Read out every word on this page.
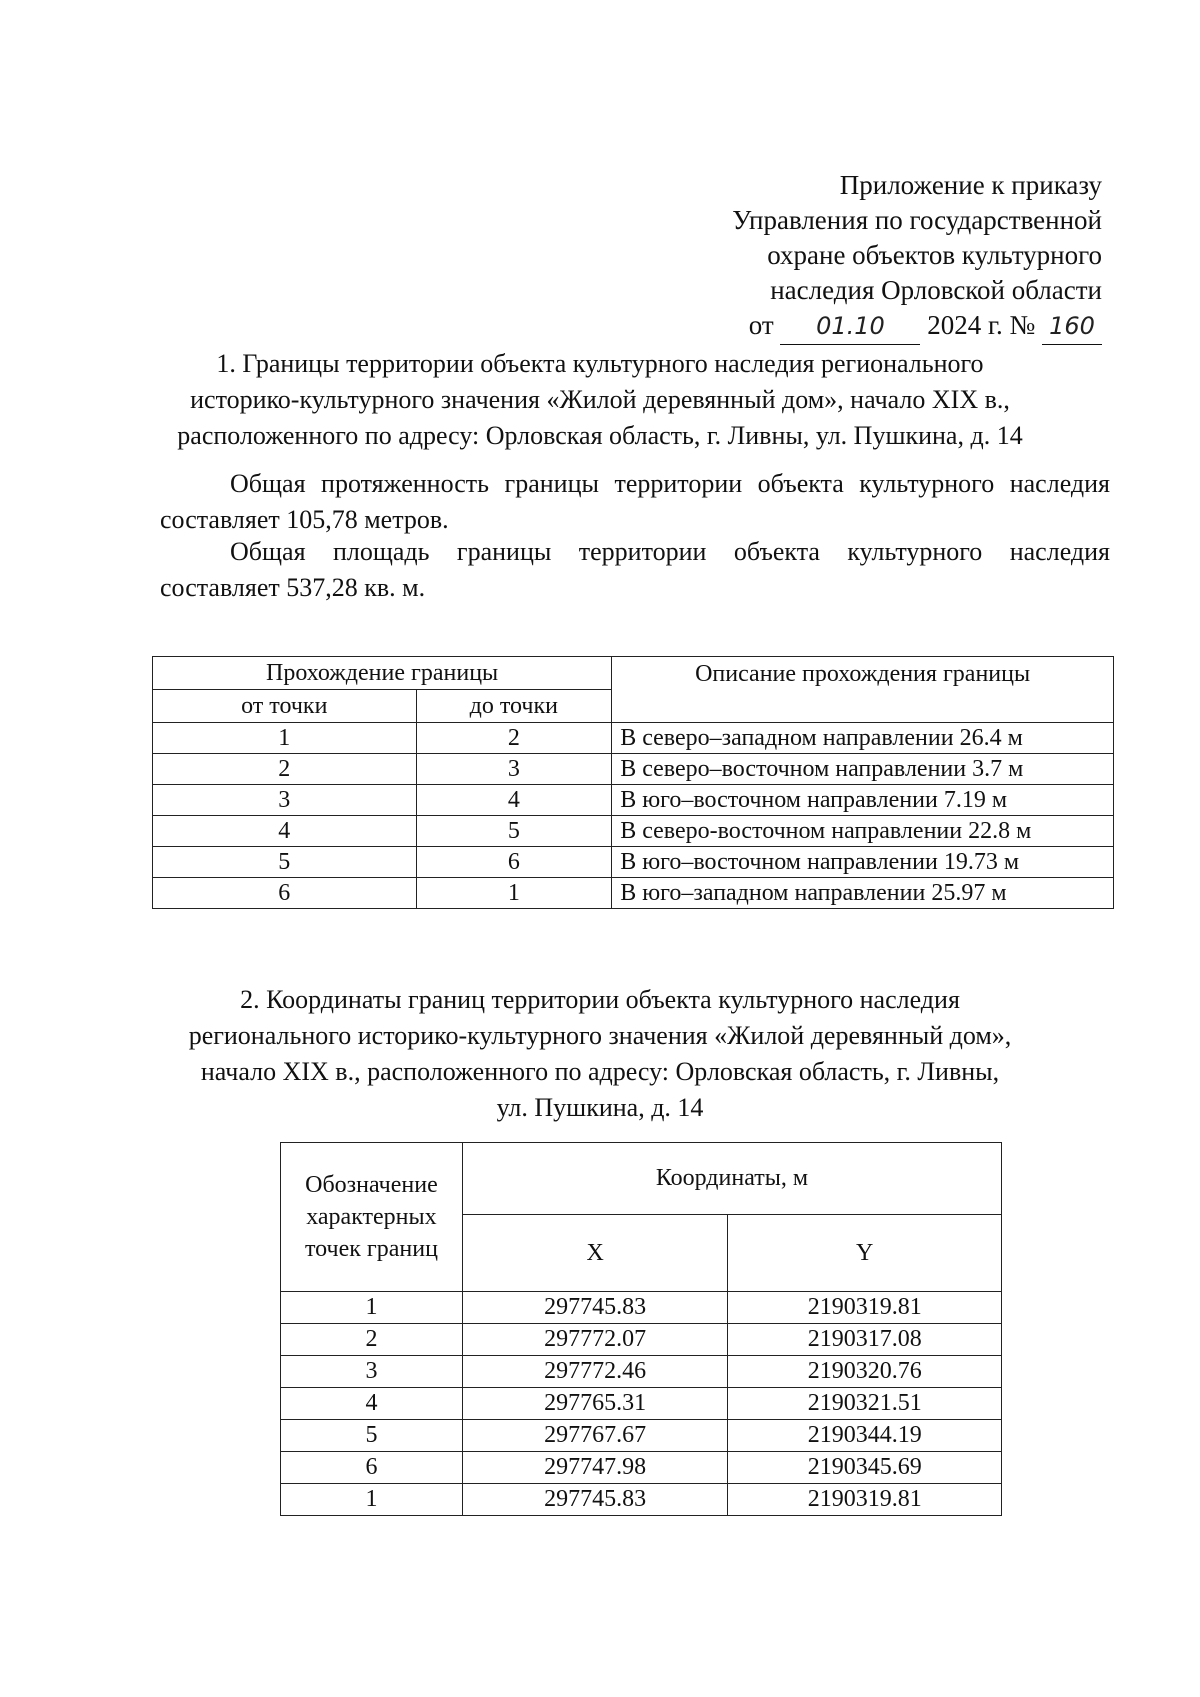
Приложение к приказу
Управления по государственной
охране объектов культурного
наследия Орловской области
от 01.10 2024 г. № 160
1. Границы территории объекта культурного наследия регионального
историко-культурного значения «Жилой деревянный дом», начало XIX в.,
расположенного по адресу: Орловская область, г. Ливны, ул. Пушкина, д. 14
Общая протяженность границы территории объекта культурного наследия составляет 105,78 метров.
Общая площадь границы территории объекта культурного наследия составляет 537,28 кв. м.
Прохождение границы		Описание прохождения границы
от точки	до точки	
1	2	В северо–западном направлении 26.4 м
2	3	В северо–восточном направлении 3.7 м
3	4	В юго–восточном направлении 7.19 м
4	5	В северо-восточном направлении 22.8 м
5	6	В юго–восточном направлении 19.73 м
6	1	В юго–западном направлении 25.97 м
2. Координаты границ территории объекта культурного наследия
регионального историко-культурного значения «Жилой деревянный дом»,
начало XIX в., расположенного по адресу: Орловская область, г. Ливны,
ул. Пушкина, д. 14
Обозначение характерных точек границ	Координаты, м	
	X	Y
1	297745.83	2190319.81
2	297772.07	2190317.08
3	297772.46	2190320.76
4	297765.31	2190321.51
5	297767.67	2190344.19
6	297747.98	2190345.69
1	297745.83	2190319.81
